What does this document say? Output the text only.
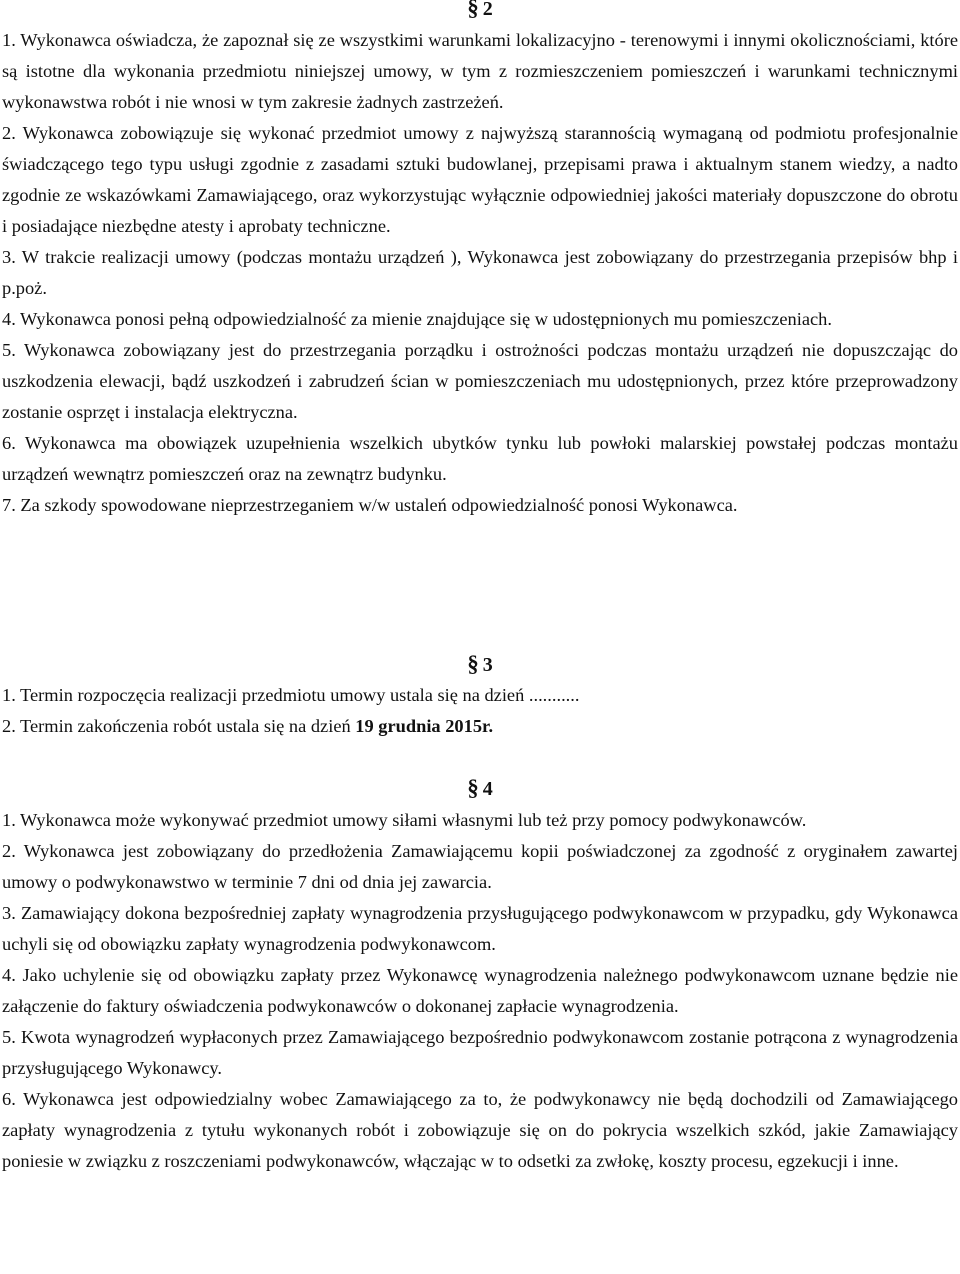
§ 2
1. Wykonawca oświadcza, że zapoznał się ze wszystkimi warunkami lokalizacyjno - terenowymi i innymi okolicznościami, które są istotne dla wykonania przedmiotu niniejszej umowy, w tym z rozmieszczeniem pomieszczeń i warunkami technicznymi wykonawstwa robót i nie wnosi w tym zakresie żadnych zastrzeżeń.
2. Wykonawca zobowiązuje się wykonać przedmiot umowy z najwyższą starannością wymaganą od podmiotu profesjonalnie świadczącego tego typu usługi zgodnie z zasadami sztuki budowlanej, przepisami prawa i aktualnym stanem wiedzy, a nadto zgodnie ze wskazówkami Zamawiającego, oraz wykorzystując wyłącznie odpowiedniej jakości materiały dopuszczone do obrotu i posiadające niezbędne atesty i aprobaty techniczne.
3. W trakcie realizacji umowy (podczas montażu urządzeń ), Wykonawca jest zobowiązany do przestrzegania przepisów bhp i p.poż.
4. Wykonawca ponosi pełną odpowiedzialność za mienie znajdujące się w udostępnionych mu pomieszczeniach.
5. Wykonawca zobowiązany jest do przestrzegania porządku i ostrożności podczas montażu urządzeń nie dopuszczając do uszkodzenia elewacji, bądź uszkodzeń i zabrudzeń ścian w pomieszczeniach mu udostępnionych, przez które przeprowadzony zostanie osprzęt i instalacja elektryczna.
6. Wykonawca ma obowiązek uzupełnienia wszelkich ubytków tynku lub powłoki malarskiej powstałej podczas montażu urządzeń wewnątrz pomieszczeń oraz na zewnątrz budynku.
7. Za szkody spowodowane nieprzestrzeganiem w/w ustaleń odpowiedzialność ponosi Wykonawca.
§ 3
1. Termin rozpoczęcia realizacji przedmiotu umowy ustala się na dzień ...........
2. Termin zakończenia robót ustala się na dzień 19 grudnia 2015r.
§ 4
1. Wykonawca może wykonywać przedmiot umowy siłami własnymi lub też przy pomocy podwykonawców.
2. Wykonawca jest zobowiązany do przedłożenia Zamawiającemu kopii poświadczonej za zgodność z oryginałem zawartej umowy o podwykonawstwo w terminie 7 dni od dnia jej zawarcia.
3. Zamawiający dokona bezpośredniej zapłaty wynagrodzenia przysługującego podwykonawcom w przypadku, gdy Wykonawca uchyli się od obowiązku zapłaty wynagrodzenia podwykonawcom.
4. Jako uchylenie się od obowiązku zapłaty przez Wykonawcę wynagrodzenia należnego podwykonawcom uznane będzie nie załączenie do faktury oświadczenia podwykonawców o dokonanej zapłacie wynagrodzenia.
5. Kwota wynagrodzeń wypłaconych przez Zamawiającego bezpośrednio podwykonawcom zostanie potrącona z wynagrodzenia przysługującego Wykonawcy.
6. Wykonawca jest odpowiedzialny wobec Zamawiającego za to, że podwykonawcy nie będą dochodzili od Zamawiającego zapłaty wynagrodzenia z tytułu wykonanych robót i zobowiązuje się on do pokrycia wszelkich szkód, jakie Zamawiający poniesie w związku z roszczeniami podwykonawców, włączając w to odsetki za zwłokę, koszty procesu, egzekucji i inne.
